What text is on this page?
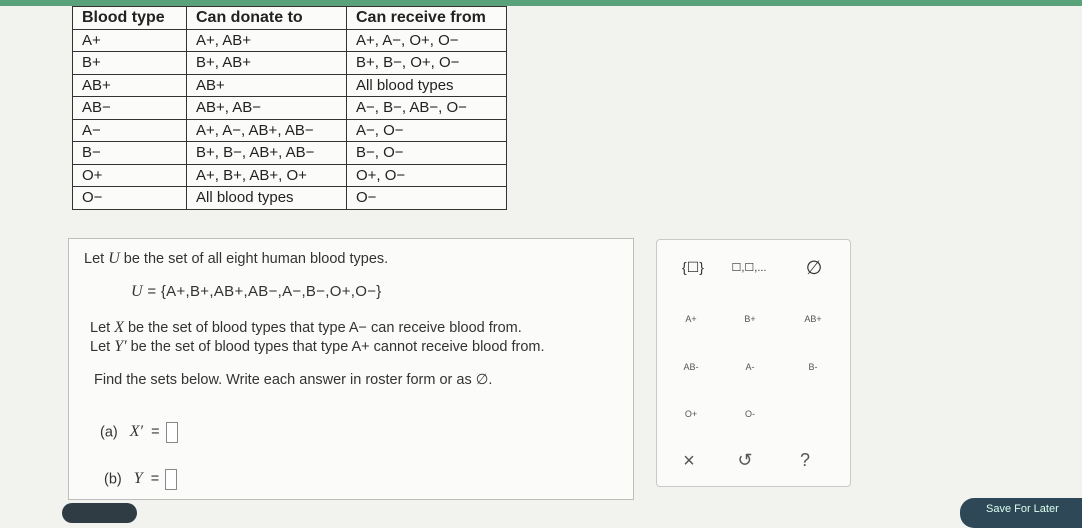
Blood type	Can donate to	Can receive from
A+	A+, AB+	A+, A−, O+, O−
B+	B+, AB+	B+, B−, O+, O−
AB+	AB+	All blood types
AB−	AB+, AB−	A−, B−, AB−, O−
A−	A+, A−, AB+, AB−	A−, O−
B−	B+, B−, AB+, AB−	B−, O−
O+	A+, B+, AB+, O+	O+, O−
O−	All blood types	O−
Let U be the set of all eight human blood types.
U = {A+,B+,AB+,AB−,A−,B−,O+,O−}
Let X be the set of blood types that type A− can receive blood from.
Let Y′ be the set of blood types that type A+ cannot receive blood from.
Find the sets below. Write each answer in roster form or as ∅.
(a) X′ =
(b) Y =
{☐}	☐,☐,...	∅
A+	B+	AB+
AB-	A-	B-
O+	O-
×	↺	?
Save For Later
